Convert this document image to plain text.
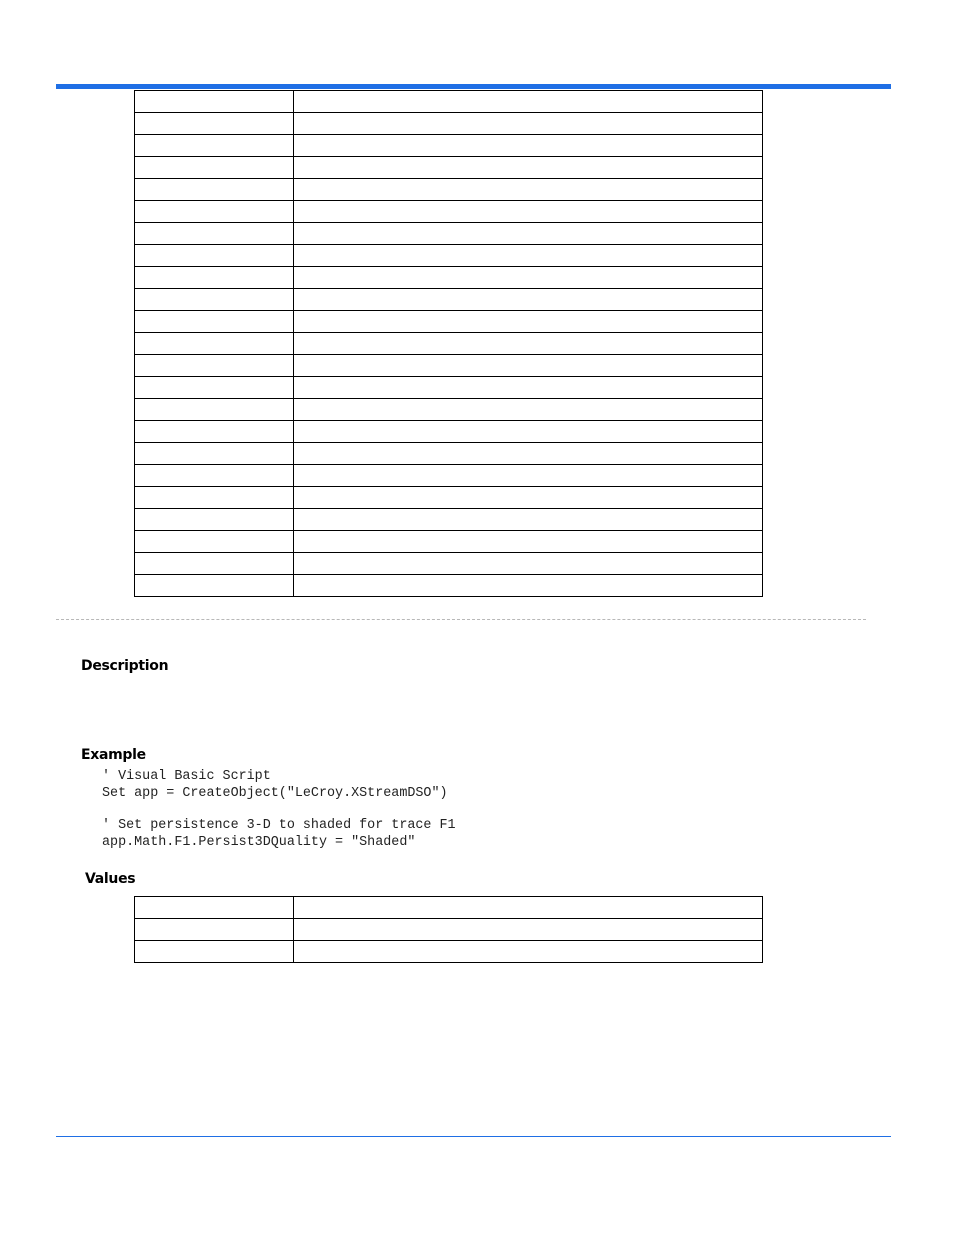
Description
Example
' Visual Basic Script
Set app = CreateObject("LeCroy.XStreamDSO")
' Set persistence 3-D to shaded for trace F1
app.Math.F1.Persist3DQuality = "Shaded"
Values
